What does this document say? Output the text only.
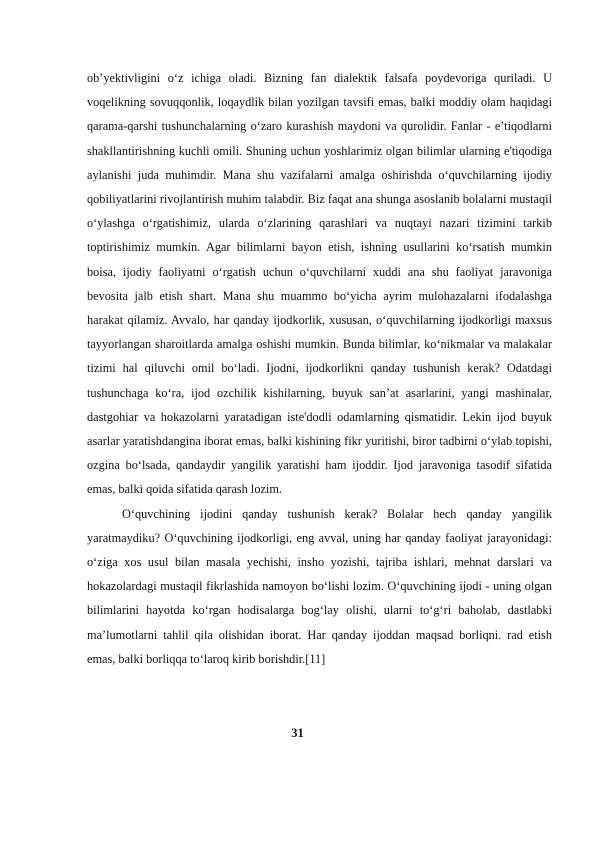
ob’yektivligini o‘z ichiga oladi. Bizning fan dialektik falsafa poydevoriga quriladi. U voqelikning sovuqqonlik, loqaydlik bilan yozilgan tavsifi emas, balki moddiy olam haqidagi qarama-qarshi tushunchalarning o‘zaro kurashish maydoni va qurolidir. Fanlar - e’tiqodlarni shakllantirishning kuchli omili. Shuning uchun yoshlarimiz olgan bilimlar ularning e'tiqodiga aylanishi juda muhimdir. Mana shu vazifalarni amalga oshirishda o‘quvchilarning ijodiy qobiliyatlarini rivojlantirish muhim talabdir. Biz faqat ana shunga asoslanib bolalarni mustaqil o‘ylashga o‘rgatishimiz, ularda o‘zlarining qarashlari va nuqtayi nazari tizimini tarkib toptirishimiz mumkin. Agar bilimlarni bayon etish, ishning usullarini ko‘rsatish mumkin boisa, ijodiy faoliyatni o‘rgatish uchun o‘quvchilarni xuddi ana shu faoliyat jaravoniga bevosita jalb etish shart. Mana shu muammo bo‘yicha ayrim mulohazalarni ifodalashga harakat qilamiz. Avvalo, har qanday ijodkorlik, xususan, o‘quvchilarning ijodkorligi maxsus tayyorlangan sharoitlarda amalga oshishi mumkin. Bunda bilimlar, ko‘nikmalar va malakalar tizimi hal qiluvchi omil bo‘ladi. Ijodni, ijodkorlikni qanday tushunish kerak? Odatdagi tushunchaga ko‘ra, ijod ozchilik kishilarning, buyuk san’at asarlarini, yangi mashinalar, dastgohiar va hokazolarni yaratadigan iste'dodli odamlarning qismatidir. Lekin ijod buyuk asarlar yaratishdangina iborat emas, balki kishining fikr yuritishi, biror tadbirni o‘ylab topishi, ozgina bo‘lsada, qandaydir yangilik yaratishi ham ijoddir. Ijod jaravoniga tasodif sifatida emas, balki qoida sifatida qarash lozim.

O‘quvchining ijodini qanday tushunish kerak? Bolalar hech qanday yangilik yaratmaydiku? O‘quvchining ijodkorligi, eng avval, uning har qanday faoliyat jarayonidagi: o‘ziga xos usul bilan masala yechishi, insho yozishi, tajriba ishlari, mehnat darslari va hokazolardagi mustaqil fikrlashida namoyon bo‘lishi lozim. O‘quvchining ijodi - uning olgan bilimlarini hayotda ko‘rgan hodisalarga bog‘lay olishi, ularni to‘g‘ri baholab, dastlabki ma’lumotlarni tahlil qila olishidan iborat. Har qanday ijoddan maqsad borliqni. rad etish emas, balki borliqqa to‘laroq kirib borishdir.[11]

31
